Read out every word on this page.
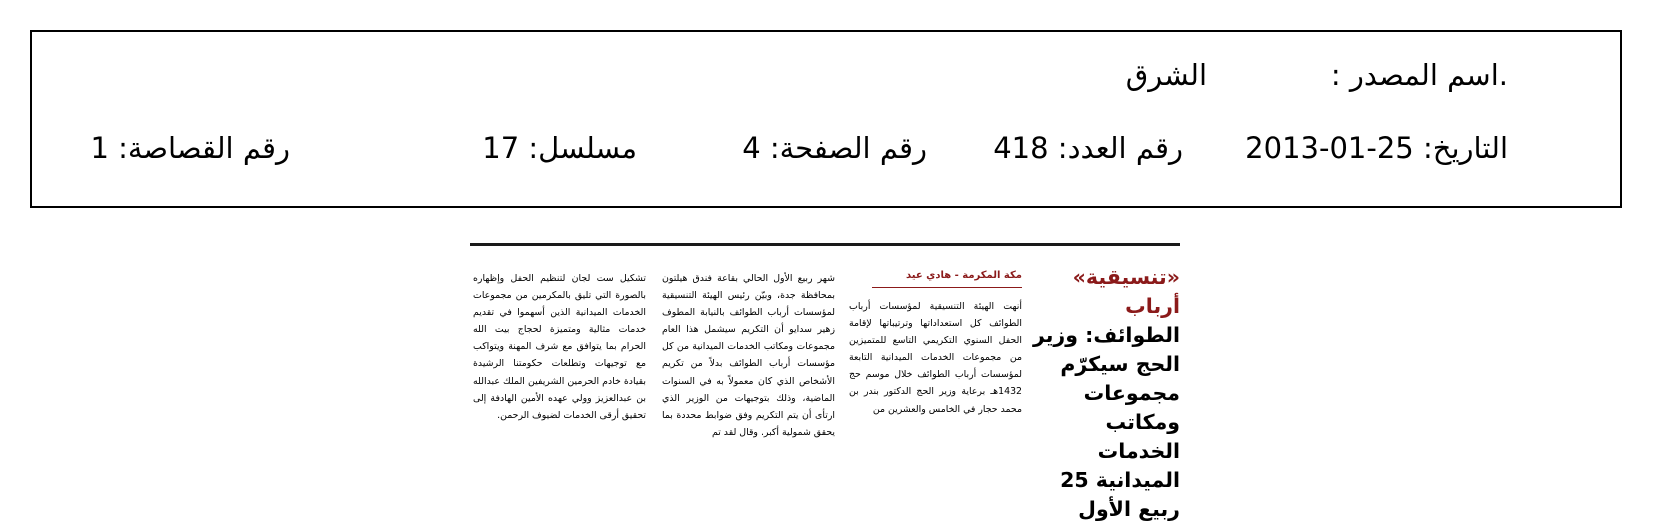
.اسم المصدر :
الشرق
التاريخ: 25-01-2013
رقم العدد: 418
رقم الصفحة: 4
مسلسل: 17
رقم القصاصة: 1
«تنسيقية» أرباب الطوائف: وزير الحج سيكرّم مجموعات ومكاتب الخدمات الميدانية 25 ربيع الأول
مكة المكرمة - هادي عيد
أنهت الهيئة التنسيقية لمؤسسات أرباب الطوائف كل استعداداتها وترتيباتها لإقامة الحفل السنوي التكريمي التاسع للمتميزين من مجموعات الخدمات الميدانية التابعة لمؤسسات أرباب الطوائف خلال موسم حج 1432هـ برعاية وزير الحج الدكتور بندر بن محمد حجار في الخامس والعشرين من
شهر ربيع الأول الحالي بقاعة فندق هيلتون بمحافظة جدة، وبيّن رئيس الهيئة التنسيقية لمؤسسات أرباب الطوائف بالنيابة المطوف زهير سدايو أن التكريم سيشمل هذا العام مجموعات ومكاتب الخدمات الميدانية من كل مؤسسات أرباب الطوائف بدلاً من تكريم الأشخاص الذي كان معمولاً به في السنوات الماضية، وذلك بتوجيهات من الوزير الذي ارتأى أن يتم التكريم وفق ضوابط محددة بما يحقق شمولية أكبر. وقال لقد تم
تشكيل ست لجان لتنظيم الحفل وإظهاره بالصورة التي تليق بالمكرمين من مجموعات الخدمات الميدانية الذين أسهموا في تقديم خدمات مثالية ومتميزة لحجاج بيت الله الحرام بما يتوافق مع شرف المهنة ويتواكب مع توجيهات وتطلعات حكومتنا الرشيدة بقيادة خادم الحرمين الشريفين الملك عبدالله بن عبدالعزيز وولي عهده الأمين الهادفة إلى تحقيق أرقى الخدمات لضيوف الرحمن.
